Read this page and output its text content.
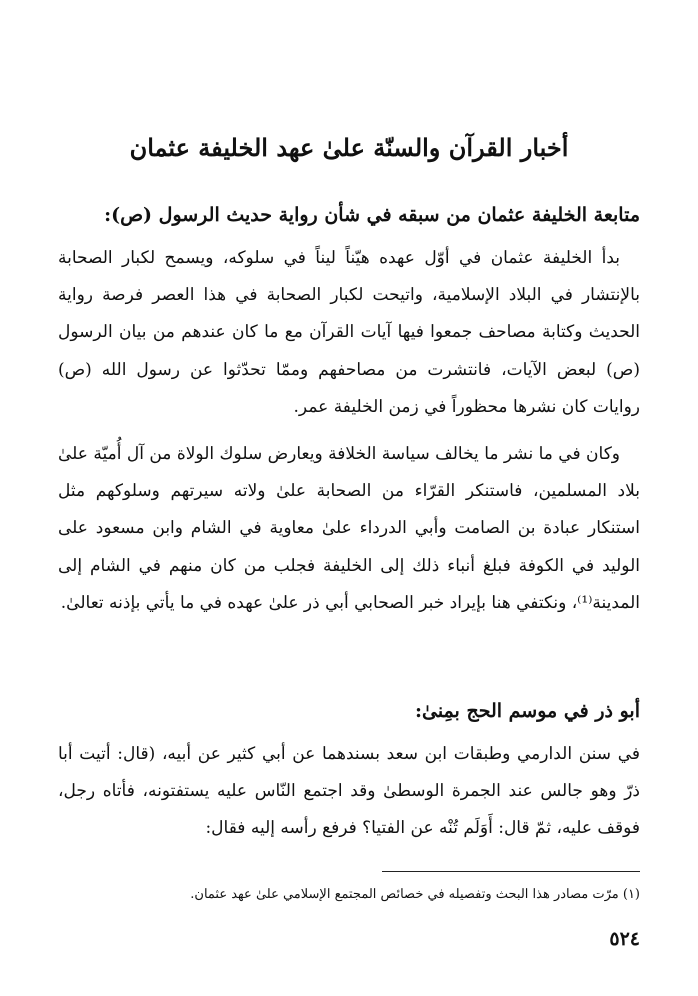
أخبار القرآن والسنّة علىٰ عهد الخليفة عثمان
متابعة الخليفة عثمان من سبقه في شأن رواية حديث الرسول (ص):
بدأ الخليفة عثمان في أوّل عهده هيّناً ليناً في سلوكه، ويسمح لكبار الصحابة بالإنتشار في البلاد الإسلامية، واتيحت لكبار الصحابة في هذا العصر فرصة رواية الحديث وكتابة مصاحف جمعوا فيها آيات القرآن مع ما كان عندهم من بيان الرسول (ص) لبعض الآيات، فانتشرت من مصاحفهم وممّا تحدّثوا عن رسول الله (ص) روايات كان نشرها محظوراً في زمن الخليفة عمر.
وكان في ما نشر ما يخالف سياسة الخلافة ويعارض سلوك الولاة من آل أُميّة علىٰ بلاد المسلمين، فاستنكر القرّاء من الصحابة علىٰ ولاته سيرتهم وسلوكهم مثل استنكار عبادة بن الصامت وأبي الدرداء علىٰ معاوية في الشام وابن مسعود على الوليد في الكوفة فبلغ أنباء ذلك إلى الخليفة فجلب من كان منهم في الشام إلى المدينة⁽¹⁾، ونكتفي هنا بإيراد خبر الصحابي أبي ذر علىٰ عهده في ما يأتي بإذنه تعالىٰ.
أبو ذر في موسم الحج بمِنىٰ:
في سنن الدارمي وطبقات ابن سعد بسندهما عن أبي كثير عن أبيه، (قال: أتيت أبا ذرّ وهو جالس عند الجمرة الوسطىٰ وقد اجتمع النّاس عليه يستفتونه، فأتاه رجل، فوقف عليه، ثمّ قال: أَوَلَم تُنْه عن الفتيا؟ فرفع رأسه إليه فقال:
(١) مرّت مصادر هذا البحث وتفصيله في خصائص المجتمع الإسلامي علىٰ عهد عثمان.
٥٢٤
